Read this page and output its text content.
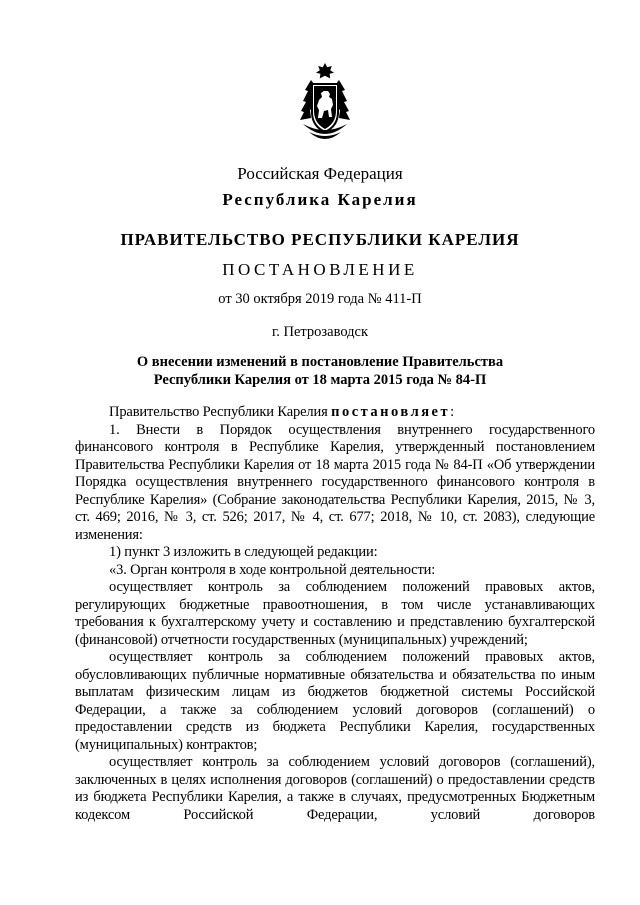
Российская Федерация
Республика Карелия
ПРАВИТЕЛЬСТВО РЕСПУБЛИКИ КАРЕЛИЯ
ПОСТАНОВЛЕНИЕ
от 30 октября 2019 года № 411-П
г. Петрозаводск
О внесении изменений в постановление Правительства
Республики Карелия от 18 марта 2015 года № 84-П

Правительство Республики Карелия постановляет:

1. Внести в Порядок осуществления внутреннего государственного финансового контроля в Республике Карелия, утвержденный постановлением Правительства Республики Карелия от 18 марта 2015 года № 84-П «Об утверждении Порядка осуществления внутреннего государственного финансового контроля в Республике Карелия» (Собрание законодательства Республики Карелия, 2015, № 3, ст. 469; 2016, № 3, ст. 526; 2017, № 4, ст. 677; 2018, № 10, ст. 2083), следующие изменения:

1) пункт 3 изложить в следующей редакции:

«3. Орган контроля в ходе контрольной деятельности:

осуществляет контроль за соблюдением положений правовых актов, регулирующих бюджетные правоотношения, в том числе устанавливающих требования к бухгалтерскому учету и составлению и представлению бухгалтерской (финансовой) отчетности государственных (муниципальных) учреждений;

осуществляет контроль за соблюдением положений правовых актов, обусловливающих публичные нормативные обязательства и обязательства по иным выплатам физическим лицам из бюджетов бюджетной системы Российской Федерации, а также за соблюдением условий договоров (соглашений) о предоставлении средств из бюджета Республики Карелия, государственных (муниципальных) контрактов;

осуществляет контроль за соблюдением условий договоров (соглашений), заключенных в целях исполнения договоров (соглашений) о предоставлении средств из бюджета Республики Карелия, а также в случаях, предусмотренных Бюджетным кодексом Российской Федерации, условий договоров
